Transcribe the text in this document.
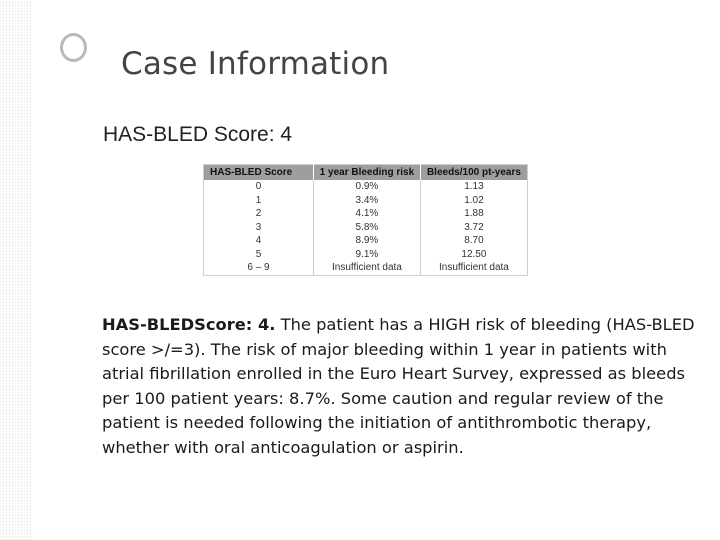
Case Information
HAS-BLED Score: 4
HAS-BLED Score	1 year Bleeding risk	Bleeds/100 pt-years
0	0.9%	1.13
1	3.4%	1.02
2	4.1%	1.88
3	5.8%	3.72
4	8.9%	8.70
5	9.1%	12.50
6 – 9	Insufficient data	Insufficient data
HAS-BLEDScore: 4. The patient has a HIGH risk of bleeding (HAS-BLED score >/=3). The risk of major bleeding within 1 year in patients with atrial fibrillation enrolled in the Euro Heart Survey, expressed as bleeds per 100 patient years: 8.7%. Some caution and regular review of the patient is needed following the initiation of antithrombotic therapy, whether with oral anticoagulation or aspirin.
